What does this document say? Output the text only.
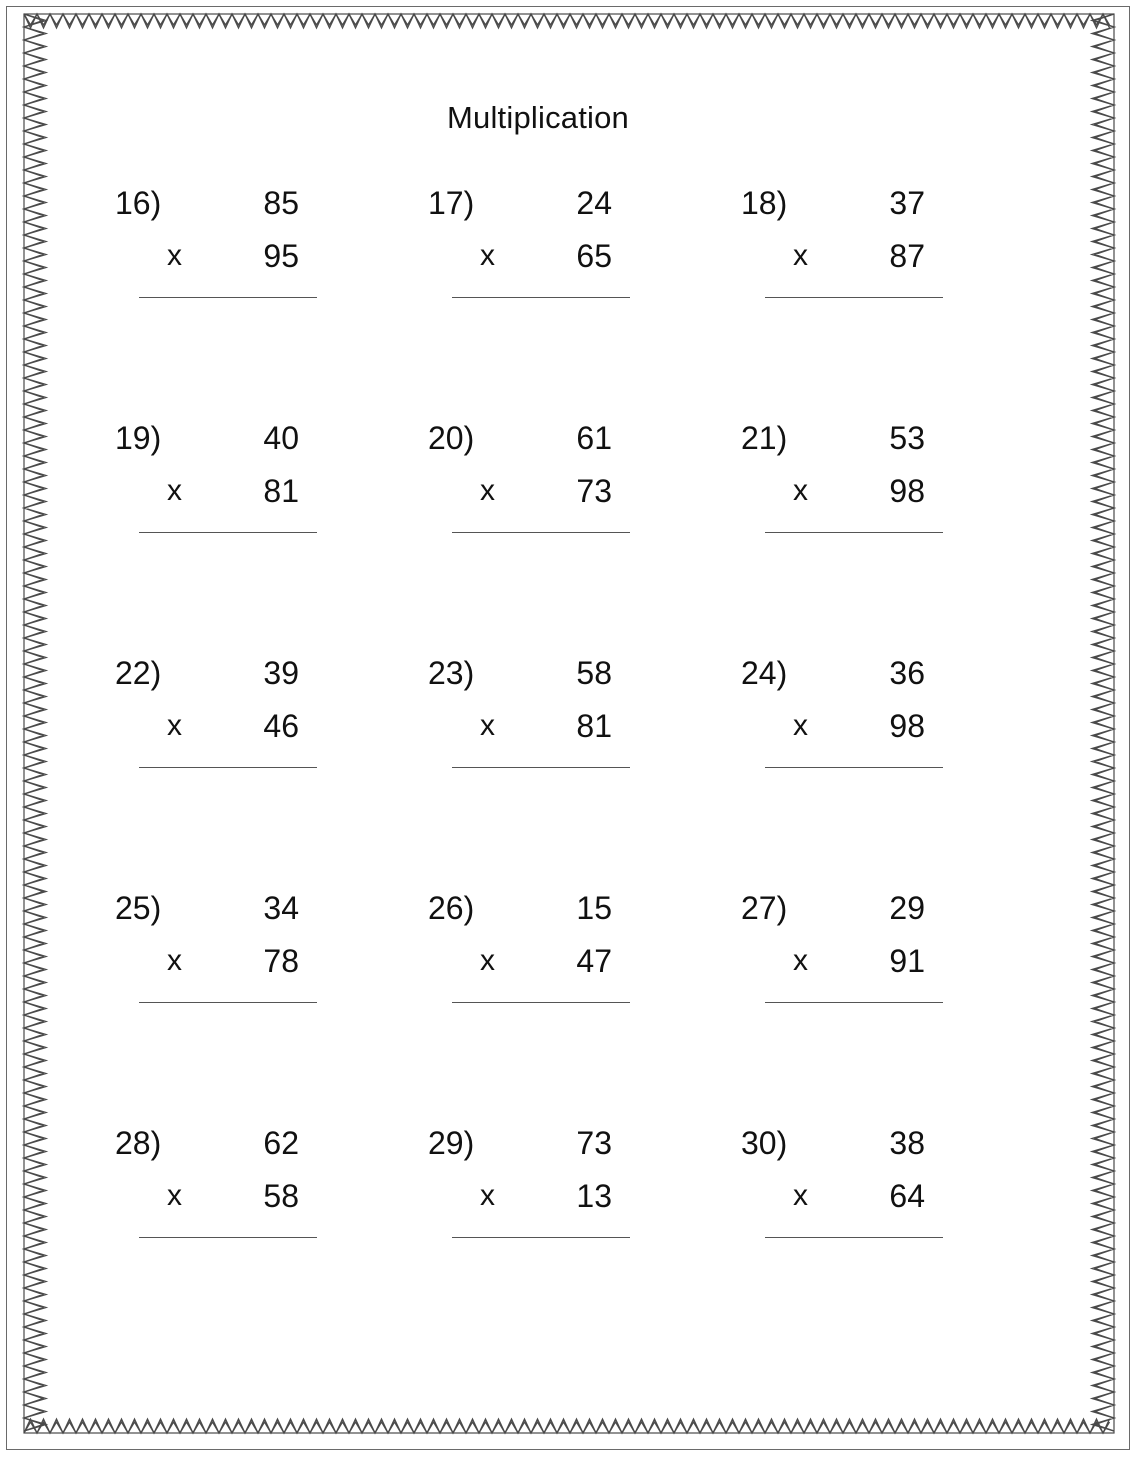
Multiplication
16)	85
x	95
17)	24
x	65
18)	37
x	87
19)	40
x	81
20)	61
x	73
21)	53
x	98
22)	39
x	46
23)	58
x	81
24)	36
x	98
25)	34
x	78
26)	15
x	47
27)	29
x	91
28)	62
x	58
29)	73
x	13
30)	38
x	64
